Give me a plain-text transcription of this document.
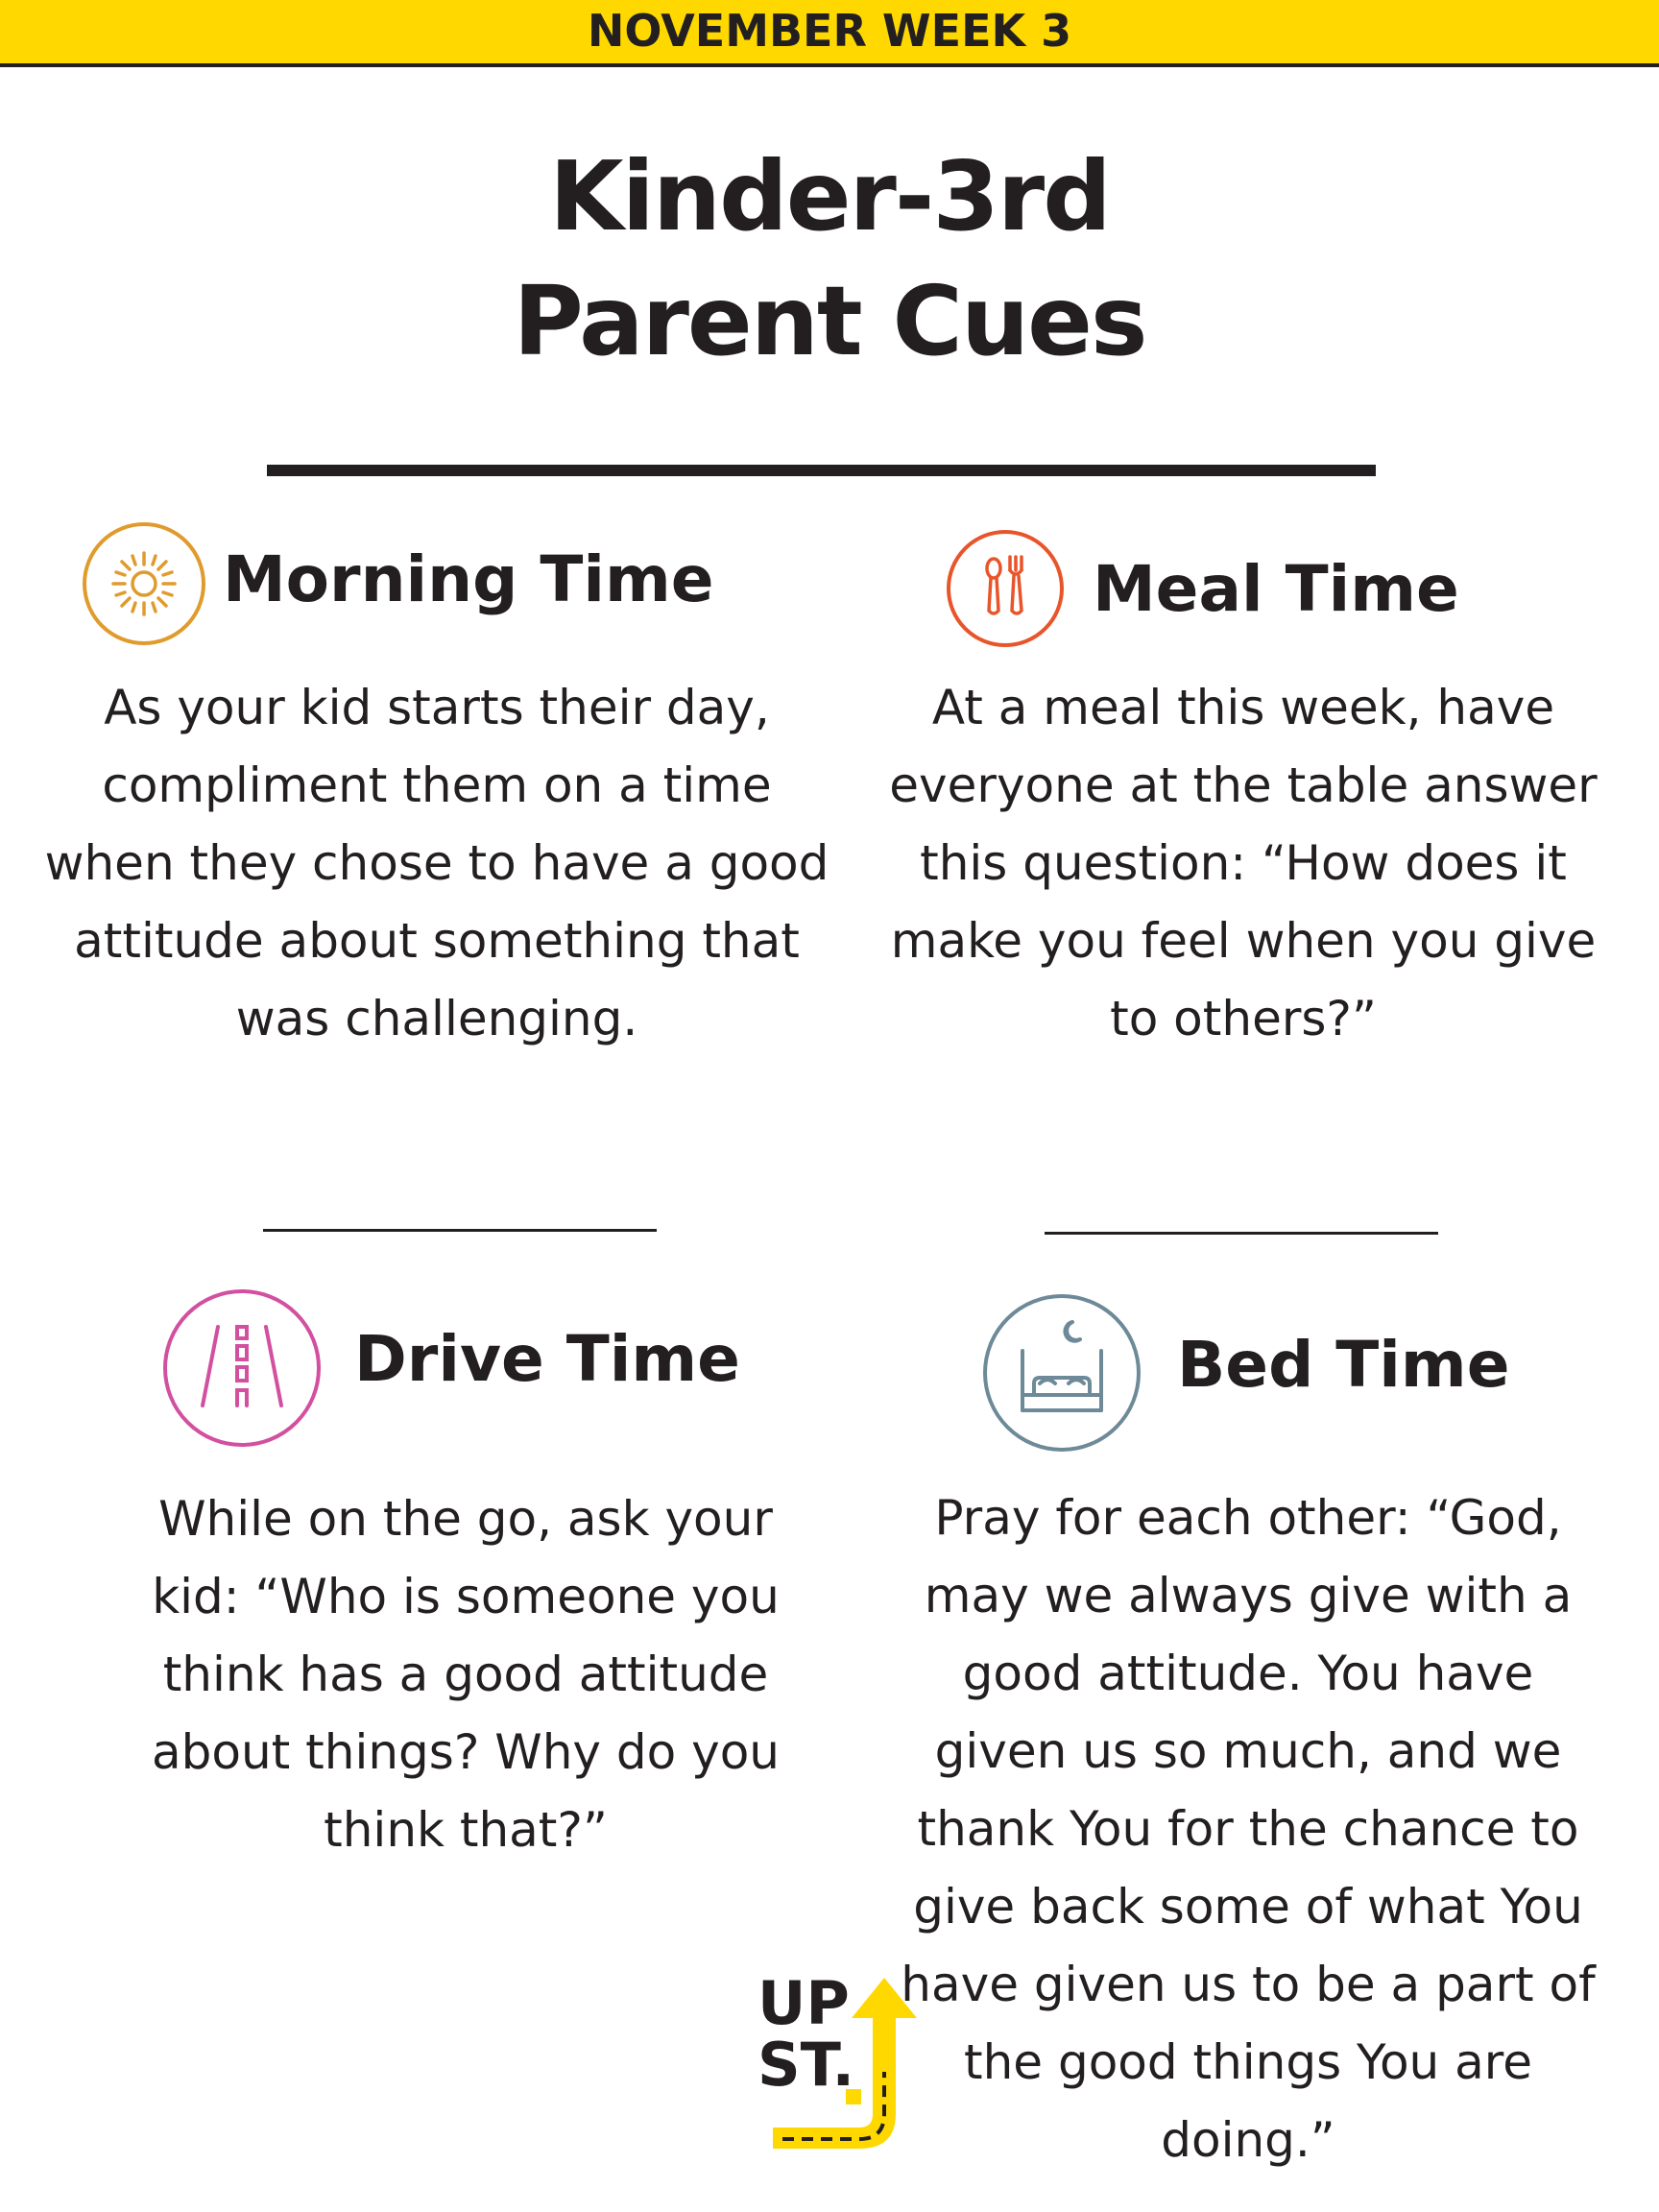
NOVEMBER WEEK 3
Kinder-3rd
Parent Cues
Morning Time
As your kid starts their day,
compliment them on a time
when they chose to have a good
attitude about something that
was challenging.
Meal Time
At a meal this week, have
everyone at the table answer
this question: “How does it
make you feel when you give
to others?”
Drive Time
While on the go, ask your
kid: “Who is someone you
think has a good attitude
about things? Why do you
think that?”
Bed Time
Pray for each other: “God,
may we always give with a
good attitude. You have
given us so much, and we
thank You for the chance to
give back some of what You
have given us to be a part of
the good things You are
doing.”
UP
ST.
